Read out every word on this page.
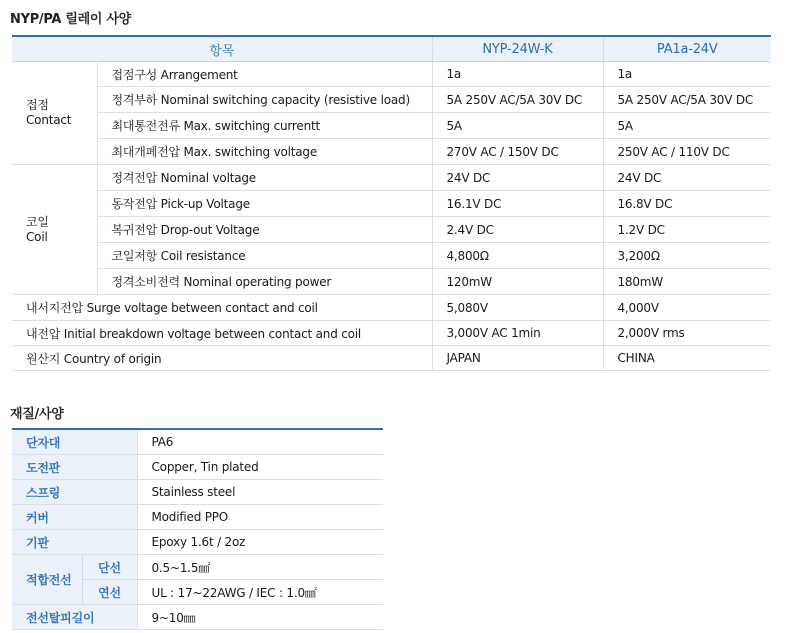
NYP/PA 릴레이 사양
항목		NYP-24W-K	PA1a-24V

접점
Contact	접점구성 Arrangement	1a	1a
	정격부하 Nominal switching capacity (resistive load)	5A 250V AC/5A 30V DC	5A 250V AC/5A 30V DC
	최대통전전류 Max. switching currentt	5A	5A
	최대개폐전압 Max. switching voltage	270V AC / 150V DC	250V AC / 110V DC

코일
Coil	정격전압 Nominal voltage	24V DC	24V DC
	동작전압 Pick-up Voltage	16.1V DC	16.8V DC
	복귀전압 Drop-out Voltage	2.4V DC	1.2V DC
	코일저항 Coil resistance	4,800Ω	3,200Ω
	정격소비전력 Nominal operating power	120mW	180mW
내서지전압 Surge voltage between contact and coil		5,080V	4,000V
내전압 Initial breakdown voltage between contact and coil		3,000V AC 1min	2,000V rms
원산지 Country of origin		JAPAN	CHINA
재질/사양
단자대		PA6
도전판		Copper, Tin plated
스프링		Stainless steel
커버		Modified PPO
기판		Epoxy 1.6t / 2oz
적합전선	단선	0.5~1.5㎟
	연선	UL : 17~22AWG / IEC : 1.0㎟
전선탈피길이		9~10㎜
